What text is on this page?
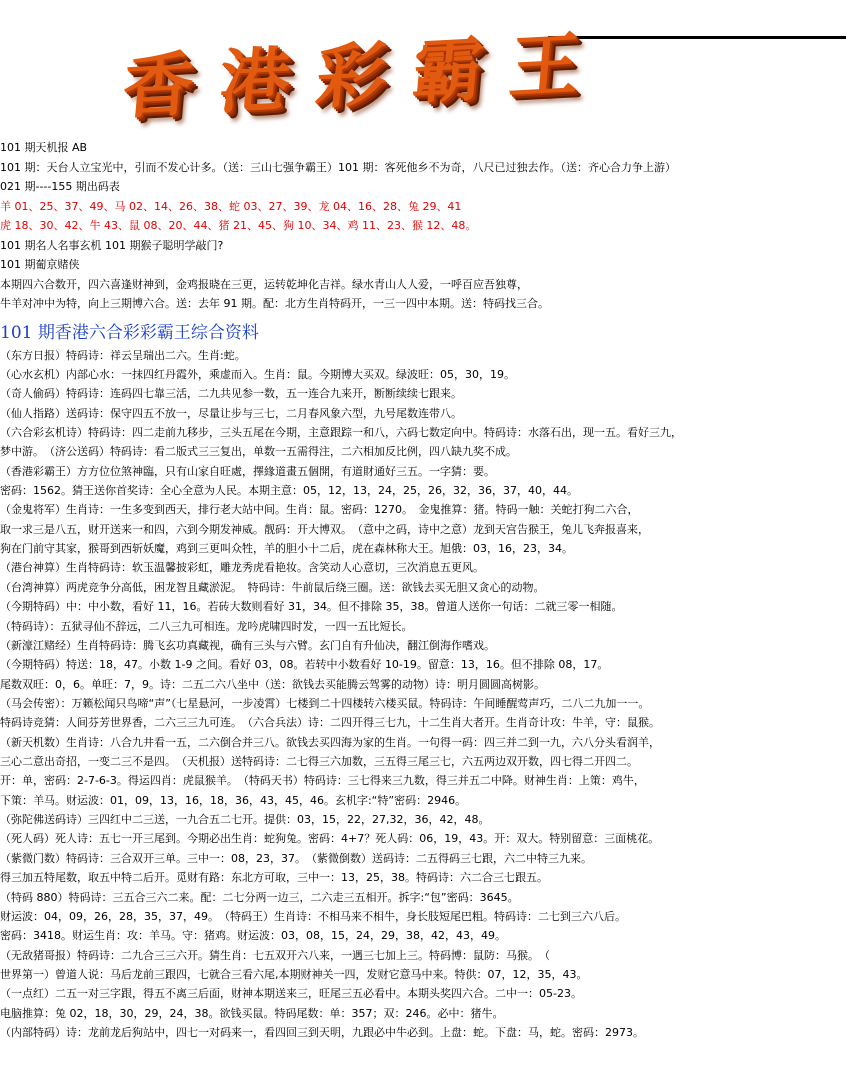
香港彩霸王
101 期天机报 AB
101 期：天台人立宝光中，引而不发心计多。（送：三山七强争霸王）101 期：客死他乡不为奇，八尺已过独去作。（送：齐心合力争上游）
021 期----155 期出码表
羊 01、25、37、49、马 02、14、26、38、蛇 03、27、39、龙 04、16、28、兔 29、41
虎 18、30、42、牛 43、鼠 08、20、44、猪 21、45、狗 10、34、鸡 11、23、猴 12、48。
101 期名人名事玄机 101 期猴子聪明学敲门?
101 期葡京赌侠
本期四六合数开，四六喜逢财神到，金鸡报晓在三更，运转乾坤化吉祥。绿水青山人人爱，一呼百应吾独尊，
牛羊对冲中为特，向上三期博六合。送：去年 91 期。配：北方生肖特码开，一三一四中本期。送：特码找三合。
101 期香港六合彩彩霸王综合资料
（东方日报）特码诗：祥云呈瑞出二六。生肖:蛇。
（心水玄机）内部心水：一抹四红丹霞外，乘虚而入。生肖：鼠。今期博大买双。绿波旺：05，30，19。
（奇人偷码）特码诗：连码四七靠三活，二九共见参一数，五一连合九来开，断断续续七跟来。
（仙人指路）送码诗：保守四五不放一，尽量让步与三七，二月春风象六型，九号尾数连带八。
（六合彩玄机诗）特码诗：四二走前九移步，三头五尾在今期，主意跟踪一和八，六码七数定向中。特码诗：水落石出，现一五。看好三九，
梦中游。　（济公送码）特码诗：看二版式三三复出，单数一五需得注，二六相加反比例，四八缺九奖不成。
（香港彩霸王）方方位位煞神臨，只有山家自旺處，擇緣道畫五個開，有道財通好三五。一字猜：要。
密码：1562。猜王送你首奖诗：全心全意为人民。本期主意：05，12，13，24，25，26，32，36，37，40，44。
（金鬼将军）生肖诗：一生多变到西天，排行老大站中间。生肖：鼠。密码：1270。　金鬼推算：猪。特码一触：关蛇打狗二六合，
取一求三是八五，财开送来一和四，六到今期发神威。靓码：开大博双。　（意中之码，诗中之意）龙到天宫告猴王，兔儿飞奔报喜来，
狗在门前守其家，猴哥到西斩妖魔，鸡到三更叫众牲，羊的胆小十二后，虎在森林称大王。旭俄：03，16，23，34。
（港台神算）生肖特码诗：软玉温馨披彩虹，雕龙秀虎看艳妆。含笑动人心意切，三次消息五更风。
（台湾神算）两虎竞争分高低，困龙智且藏淤泥。　特码诗：牛前鼠后绕三圈。送：欲钱去买无胆又贪心的动物。
（今期特码）中：中小数，看好 11，16。若砖大数则看好 31，34。但不排除 35，38。曾道人送你一句话：二就三零一相随。
（特码诗）：五狱寻仙不辞远，二八三九可相连。龙吟虎啸四时发，一四一五比短长。
（新濠江赌经）生肖特码诗：腾飞玄功真藏视，确有三头与六臂。玄门自有升仙决，翻江倒海作嗜戏。
（今期特码）特送：18，47。小数 1-9 之间。看好 03，08。若转中小数看好 10-19。留意：13，16。但不排除 08，17。
尾数双旺：0，6。单旺：7，9。诗：二五二六八坐中（送：欲钱去买能腾云驾雾的动物）诗：明月圆圆高树影。
（马会传密）：万籁松闻只鸟啼“声”（七星悬河，一步凌霄）七楼到二十四楼转六楼买鼠。特码诗：午间睡醒莺声巧，二八二九加一一。
特码诗竞猜：人间芬芳世界香，二六三三九可连。　（六合兵法）诗：二四开得三七九，十二生肖大者开。生肖奇计攻：牛羊，守：鼠猴。
（新天机数）生肖诗：八合九井看一五，二六倒合并三八。欲钱去买四海为家的生肖。一句得一码：四三并二到一九，六八分头看润羊，
三心二意出奇招，一变二三不是四。　（天机报）送特码诗：二七得三六加数，三五得三尾三七，六五两边双开数，四七得二开四二。
开：单，密码：2-7-6-3。得运四肖：虎鼠猴羊。　（特码天书）特码诗：三七得来三九数，得三并五二中降。财神生肖：上策：鸡牛，
下策：羊马。财运波：01，09，13，16，18，36，43，45，46。玄机字:“特”密码：2946。
（弥陀佛送码诗）三四红中二三送，一九合五二七开。提供：03，15，22，27,32，36，42，48。
（死人码）死人诗：五七一开三尾到。今期必出生肖：蛇狗兔。密码：4+7？死人码：06，19，43。开：双大。特别留意：三面桃花。
（紫微门数）特码诗：三合双开三单。三中一：08，23，37。　（紫微倒数）送码诗：二五得码三七跟，六二中特三九来。
得三加五特尾数，取五中特二后开。觅财有路：东北方可取，三中一：13，25，38。特码诗：六二合三七跟五。
（特码 880）特码诗：三五合三六二来。配：二七分两一边三，二六走三五相开。拆字:“包”密码：3645。
财运波：04，09，26，28，35，37，49。　（特码王）生肖诗：不相马来不相牛，身长肢短尾巴粗。特码诗：二七到三六八后。
密码：3418。财运生肖：攻：羊马。守：猪鸡。财运波：03，08，15，24，29，38，42，43，49。
（无敌猪哥报）特码诗：二九合三三六开。猜生肖：七五双开六八来，一遇三七加上三。特码博：鼠防：马猴。　（
世界第一）曾道人说：马后龙前三跟四，七就合三看六尾,本期财神关一四，发财它意马中来。特供：07，12，35，43。
（一点红）二五一对三字跟，得五不离三后面，财神本期送来三，旺尾三五必看中。本期头奖四六合。二中一：05-23。
电脑推算：兔 02，18，30，29，24，38。欲钱买鼠。特码尾数：单：357；双：246。必中：猪牛。
（内部特码）诗：龙前龙后狗站中，四七一对码来一，看四回三到天明，九跟必中牛必到。上盘：蛇。下盘：马，蛇。密码：2973。
